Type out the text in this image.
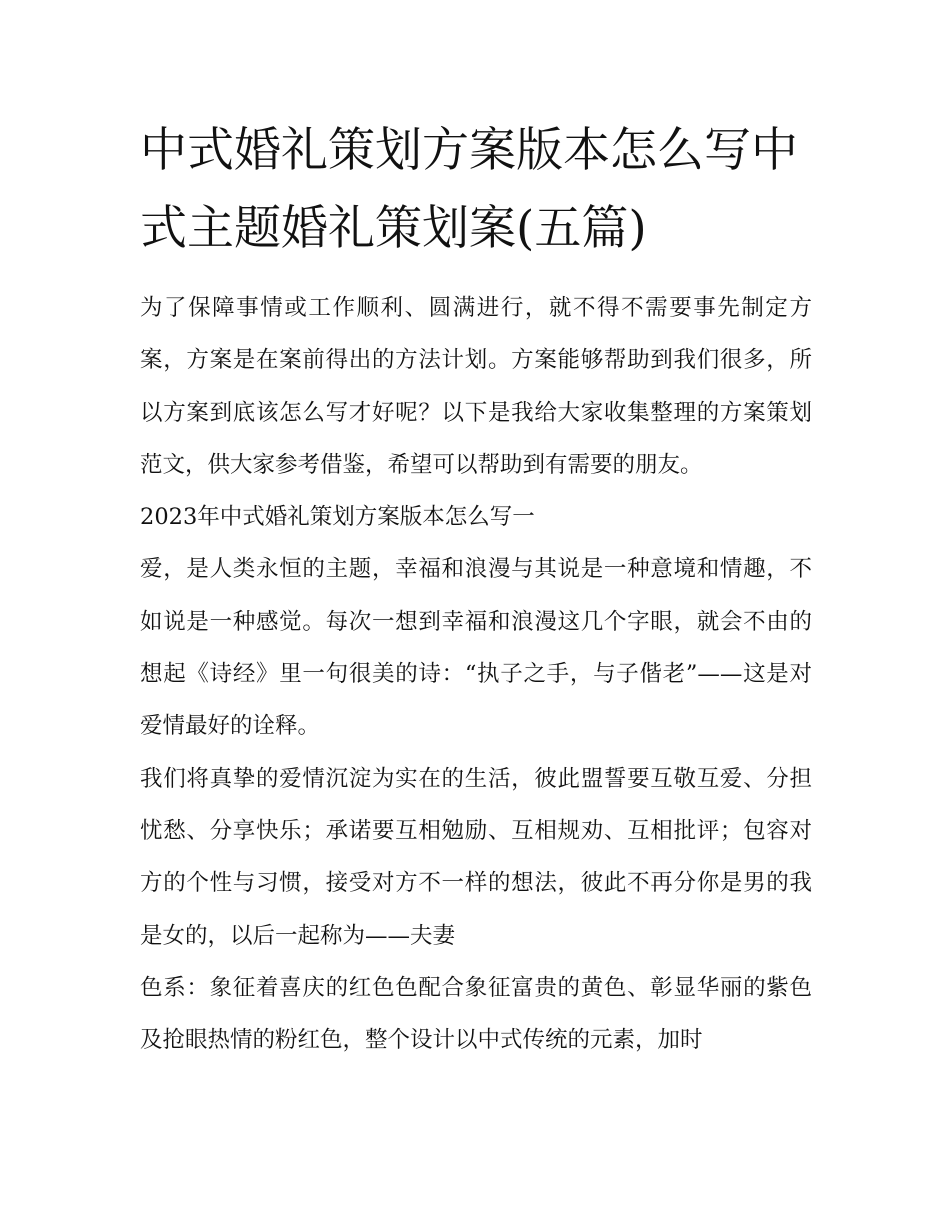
中式婚礼策划方案版本怎么写中式主题婚礼策划案(五篇)

为了保障事情或工作顺利、圆满进行，就不得不需要事先制定方案，方案是在案前得出的方法计划。方案能够帮助到我们很多，所以方案到底该怎么写才好呢？以下是我给大家收集整理的方案策划范文，供大家参考借鉴，希望可以帮助到有需要的朋友。

2023年中式婚礼策划方案版本怎么写一

爱，是人类永恒的主题，幸福和浪漫与其说是一种意境和情趣，不如说是一种感觉。每次一想到幸福和浪漫这几个字眼，就会不由的想起《诗经》里一句很美的诗：“执子之手，与子偕老”——这是对爱情最好的诠释。

我们将真挚的爱情沉淀为实在的生活，彼此盟誓要互敬互爱、分担忧愁、分享快乐；承诺要互相勉励、互相规劝、互相批评；包容对方的个性与习惯，接受对方不一样的想法，彼此不再分你是男的我是女的，以后一起称为——夫妻

色系：象征着喜庆的红色色配合象征富贵的黄色、彰显华丽的紫色及抢眼热情的粉红色，整个设计以中式传统的元素，加时
